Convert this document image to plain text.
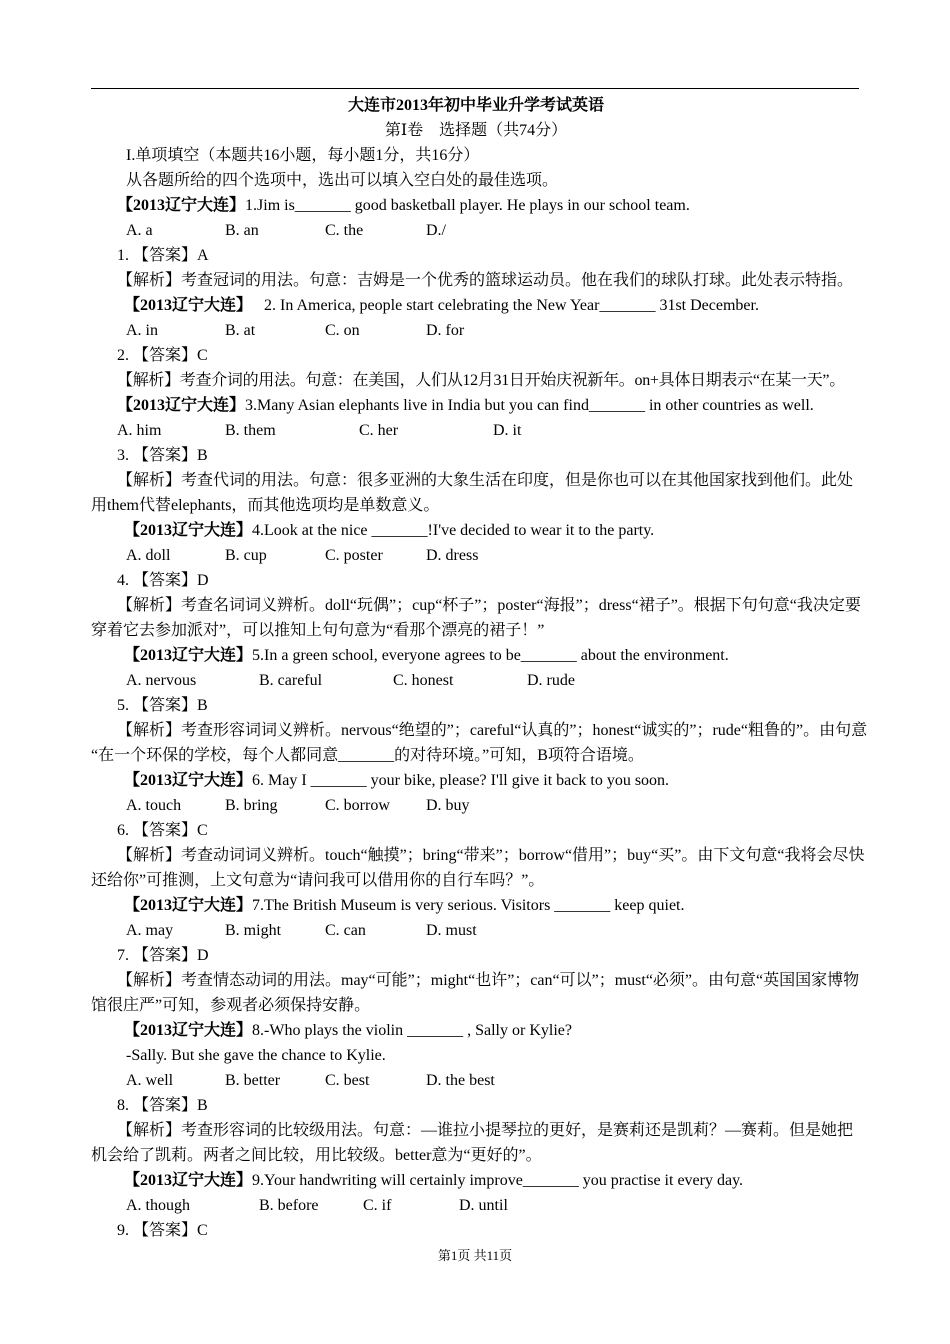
大连市2013年初中毕业升学考试英语
第Ⅰ卷　选择题（共74分）
I.单项填空（本题共16小题，每小题1分，共16分）
从各题所给的四个选项中，选出可以填入空白处的最佳选项。
【2013辽宁大连】1.Jim is_______ good basketball player. He plays in our school team.
A. a	B. an	C. the	D./
1. 【答案】A
【解析】考查冠词的用法。句意：吉姆是一个优秀的篮球运动员。他在我们的球队打球。此处表示特指。
【2013辽宁大连】　 2. In America, people start celebrating the New Year_______ 31st December.
A. in	B. at	C. on	D. for
2. 【答案】C
【解析】考查介词的用法。句意：在美国，人们从12月31日开始庆祝新年。on+具体日期表示“在某一天”。
【2013辽宁大连】3.Many Asian elephants live in India but you can find_______ in other countries as well.
A. him	B. them	C. her	D. it
3. 【答案】B
【解析】考查代词的用法。句意：很多亚洲的大象生活在印度，但是你也可以在其他国家找到他们。此处
用them代替elephants，而其他选项均是单数意义。
【2013辽宁大连】4.Look at the nice _______!I've decided to wear it to the party.
A. doll	B. cup	C. poster	D. dress
4. 【答案】D
【解析】考查名词词义辨析。doll“玩偶”；cup“杯子”；poster“海报”；dress“裙子”。根据下句句意“我决定要
穿着它去参加派对”，可以推知上句句意为“看那个漂亮的裙子！”
【2013辽宁大连】5.In a green school, everyone agrees to be_______ about the environment.
A. nervous	B. careful	C. honest	D. rude
5. 【答案】B
【解析】考查形容词词义辨析。nervous“绝望的”；careful“认真的”；honest“诚实的”；rude“粗鲁的”。由句意
“在一个环保的学校，每个人都同意_______的对待环境。”可知，B项符合语境。
【2013辽宁大连】6. May I _______ your bike, please? I'll give it back to you soon.
A. touch	B. bring	C. borrow	D. buy
6. 【答案】C
【解析】考查动词词义辨析。touch“触摸”；bring“带来”；borrow“借用”；buy“买”。由下文句意“我将会尽快
还给你”可推测，上文句意为“请问我可以借用你的自行车吗？”。
【2013辽宁大连】7.The British Museum is very serious. Visitors _______ keep quiet.
A. may	B. might	C. can	D. must
7. 【答案】D
【解析】考查情态动词的用法。may“可能”；might“也许”；can“可以”；must“必须”。由句意“英国国家博物
馆很庄严”可知，参观者必须保持安静。
【2013辽宁大连】8.-Who plays the violin _______ , Sally or Kylie?
-Sally. But she gave the chance to Kylie.
A. well	B. better	C. best	D. the best
8. 【答案】B
【解析】考查形容词的比较级用法。句意：—谁拉小提琴拉的更好，是赛莉还是凯莉？—赛莉。但是她把
机会给了凯莉。两者之间比较，用比较级。better意为“更好的”。
【2013辽宁大连】9.Your handwriting will certainly improve_______ you practise it every day.
A. though	B. before	C. if	D. until
9. 【答案】C
第1页 共11页
